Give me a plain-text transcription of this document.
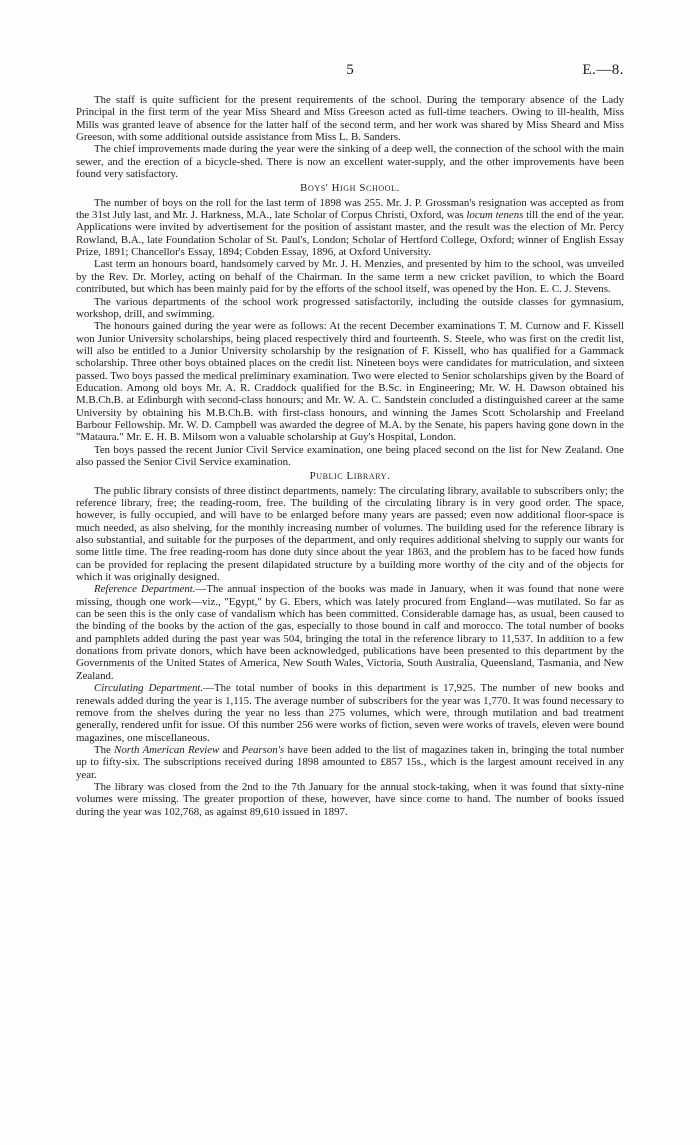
5	E.—8.

The staff is quite sufficient for the present requirements of the school. During the temporary absence of the Lady Principal in the first term of the year Miss Sheard and Miss Greeson acted as full-time teachers. Owing to ill-health, Miss Mills was granted leave of absence for the latter half of the second term, and her work was shared by Miss Sheard and Miss Greeson, with some additional outside assistance from Miss L. B. Sanders.

The chief improvements made during the year were the sinking of a deep well, the connection of the school with the main sewer, and the erection of a bicycle-shed. There is now an excellent water-supply, and the other improvements have been found very satisfactory.

Boys' High School.

The number of boys on the roll for the last term of 1898 was 255. Mr. J. P. Grossman's resignation was accepted as from the 31st July last, and Mr. J. Harkness, M.A., late Scholar of Corpus Christi, Oxford, was locum tenens till the end of the year. Applications were invited by advertisement for the position of assistant master, and the result was the election of Mr. Percy Rowland, B.A., late Foundation Scholar of St. Paul's, London; Scholar of Hertford College, Oxford; winner of English Essay Prize, 1891; Chancellor's Essay, 1894; Cobden Essay, 1896, at Oxford University.

Last term an honours board, handsomely carved by Mr. J. H. Menzies, and presented by him to the school, was unveiled by the Rev. Dr. Morley, acting on behalf of the Chairman. In the same term a new cricket pavilion, to which the Board contributed, but which has been mainly paid for by the efforts of the school itself, was opened by the Hon. E. C. J. Stevens.

The various departments of the school work progressed satisfactorily, including the outside classes for gymnasium, workshop, drill, and swimming.

The honours gained during the year were as follows: At the recent December examinations T. M. Curnow and F. Kissell won Junior University scholarships, being placed respectively third and fourteenth. S. Steele, who was first on the credit list, will also be entitled to a Junior University scholarship by the resignation of F. Kissell, who has qualified for a Gammack scholarship. Three other boys obtained places on the credit list. Nineteen boys were candidates for matriculation, and sixteen passed. Two boys passed the medical preliminary examination. Two were elected to Senior scholarships given by the Board of Education. Among old boys Mr. A. R. Craddock qualified for the B.Sc. in Engineering; Mr. W. H. Dawson obtained his M.B.Ch.B. at Edinburgh with second-class honours; and Mr. W. A. C. Sandstein concluded a distinguished career at the same University by obtaining his M.B.Ch.B. with first-class honours, and winning the James Scott Scholarship and Freeland Barbour Fellowship. Mr. W. D. Campbell was awarded the degree of M.A. by the Senate, his papers having gone down in the "Mataura." Mr. E. H. B. Milsom won a valuable scholarship at Guy's Hospital, London.

Ten boys passed the recent Junior Civil Service examination, one being placed second on the list for New Zealand. One also passed the Senior Civil Service examination.

Public Library.

The public library consists of three distinct departments, namely: The circulating library, available to subscribers only; the reference library, free; the reading-room, free. The building of the circulating library is in very good order. The space, however, is fully occupied, and will have to be enlarged before many years are passed; even now additional floor-space is much needed, as also shelving, for the monthly increasing number of volumes. The building used for the reference library is also substantial, and suitable for the purposes of the department, and only requires additional shelving to supply our wants for some little time. The free reading-room has done duty since about the year 1863, and the problem has to be faced how funds can be provided for replacing the present dilapidated structure by a building more worthy of the city and of the objects for which it was originally designed.

Reference Department.—The annual inspection of the books was made in January, when it was found that none were missing, though one work—viz., "Egypt," by G. Ebers, which was lately procured from England—was mutilated. So far as can be seen this is the only case of vandalism which has been committed. Considerable damage has, as usual, been caused to the binding of the books by the action of the gas, especially to those bound in calf and morocco. The total number of books and pamphlets added during the past year was 504, bringing the total in the reference library to 11,537. In addition to a few donations from private donors, which have been acknowledged, publications have been presented to this department by the Governments of the United States of America, New South Wales, Victoria, South Australia, Queensland, Tasmania, and New Zealand.

Circulating Department.—The total number of books in this department is 17,925. The number of new books and renewals added during the year is 1,115. The average number of subscribers for the year was 1,770. It was found necessary to remove from the shelves during the year no less than 275 volumes, which were, through mutilation and bad treatment generally, rendered unfit for issue. Of this number 256 were works of fiction, seven were works of travels, eleven were bound magazines, one miscellaneous.

The North American Review and Pearson's have been added to the list of magazines taken in, bringing the total number up to fifty-six. The subscriptions received during 1898 amounted to £857 15s., which is the largest amount received in any year.

The library was closed from the 2nd to the 7th January for the annual stock-taking, when it was found that sixty-nine volumes were missing. The greater proportion of these, however, have since come to hand. The number of books issued during the year was 102,768, as against 89,610 issued in 1897.
